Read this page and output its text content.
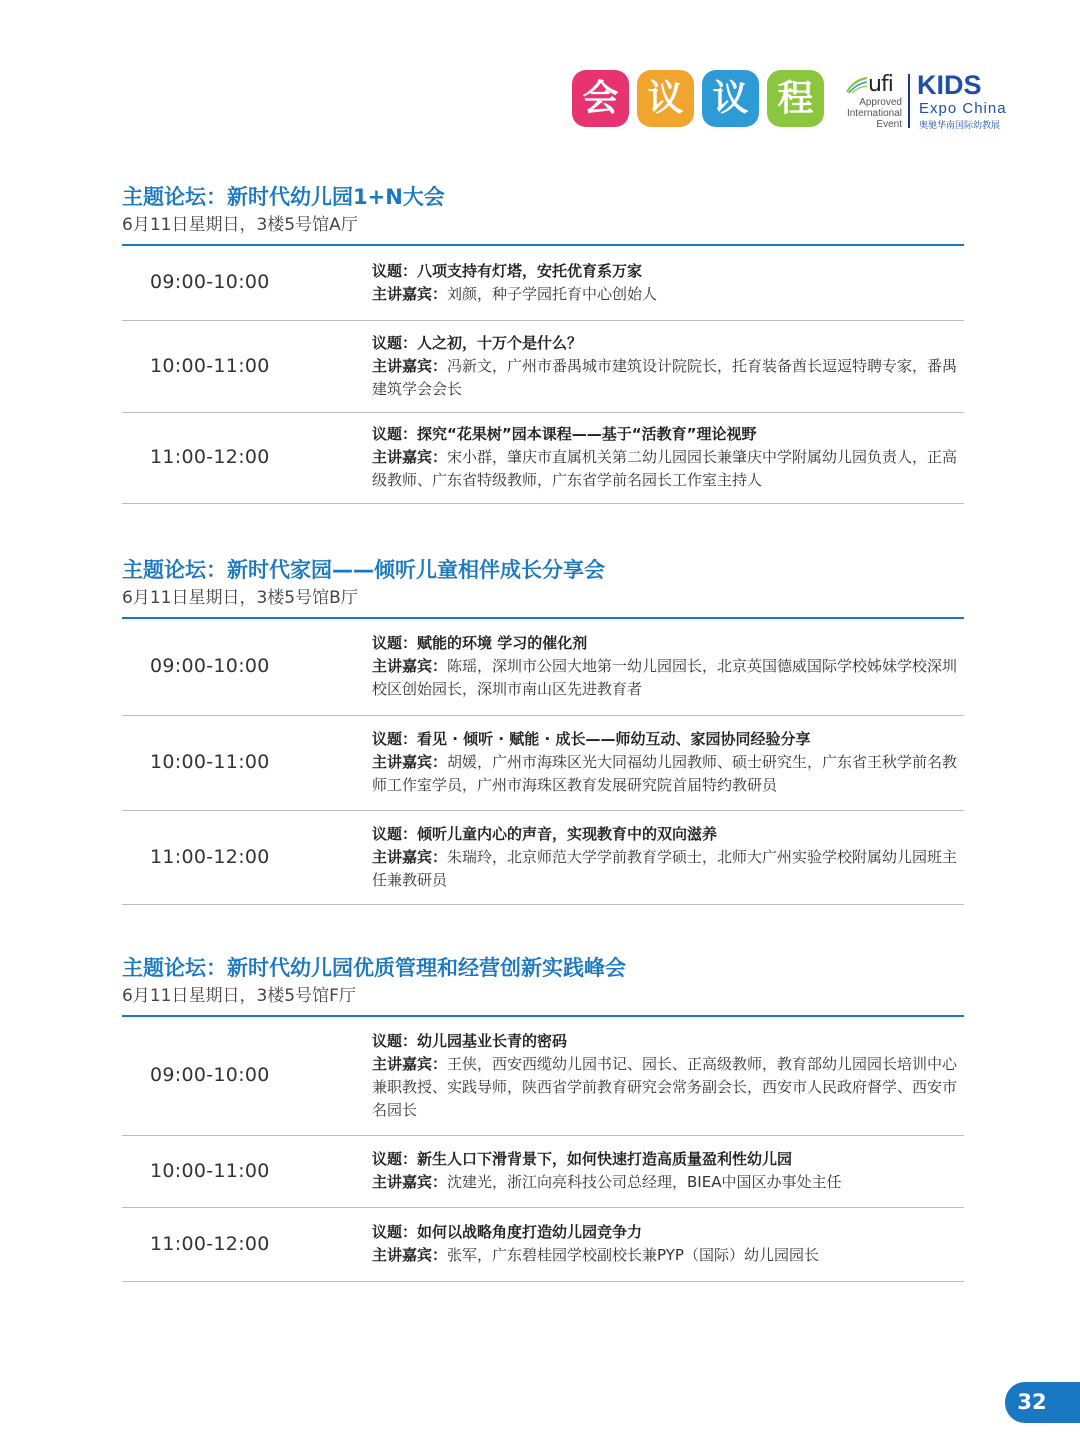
会 议 议 程	ufi
Approved
International
Event
KIDS
Expo China
奥驰华南国际幼教展
主题论坛：新时代幼儿园1+N大会
6月11日星期日，3楼5号馆A厅
09:00-10:00
议题：八项支持有灯塔，安托优育系万家
主讲嘉宾：刘颜，种子学园托育中心创始人
10:00-11:00
议题：人之初，十万个是什么？
主讲嘉宾：冯新文，广州市番禺城市建筑设计院院长，托育装备酋长逗逗特聘专家，番禺建筑学会会长
11:00-12:00
议题：探究“花果树”园本课程——基于“活教育”理论视野
主讲嘉宾：宋小群，肇庆市直属机关第二幼儿园园长兼肇庆中学附属幼儿园负责人，正高级教师、广东省特级教师，广东省学前名园长工作室主持人
主题论坛：新时代家园——倾听儿童相伴成长分享会
6月11日星期日，3楼5号馆B厅
09:00-10:00
议题：赋能的环境 学习的催化剂
主讲嘉宾：陈瑶，深圳市公园大地第一幼儿园园长，北京英国德威国际学校姊妹学校深圳校区创始园长，深圳市南山区先进教育者
10:00-11:00
议题：看见 · 倾听 · 赋能 · 成长——师幼互动、家园协同经验分享
主讲嘉宾：胡媛，广州市海珠区光大同福幼儿园教师、硕士研究生，广东省王秋学前名教师工作室学员，广州市海珠区教育发展研究院首届特约教研员
11:00-12:00
议题：倾听儿童内心的声音，实现教育中的双向滋养
主讲嘉宾：朱瑞玲，北京师范大学学前教育学硕士，北师大广州实验学校附属幼儿园班主任兼教研员
主题论坛：新时代幼儿园优质管理和经营创新实践峰会
6月11日星期日，3楼5号馆F厅
09:00-10:00
议题：幼儿园基业长青的密码
主讲嘉宾：王侠，西安西缆幼儿园书记、园长、正高级教师，教育部幼儿园园长培训中心兼职教授、实践导师，陕西省学前教育研究会常务副会长，西安市人民政府督学、西安市名园长
10:00-11:00
议题：新生人口下滑背景下，如何快速打造高质量盈利性幼儿园
主讲嘉宾：沈建光，浙江向亮科技公司总经理，BIEA中国区办事处主任
11:00-12:00
议题：如何以战略角度打造幼儿园竞争力
主讲嘉宾：张军，广东碧桂园学校副校长兼PYP（国际）幼儿园园长
32
